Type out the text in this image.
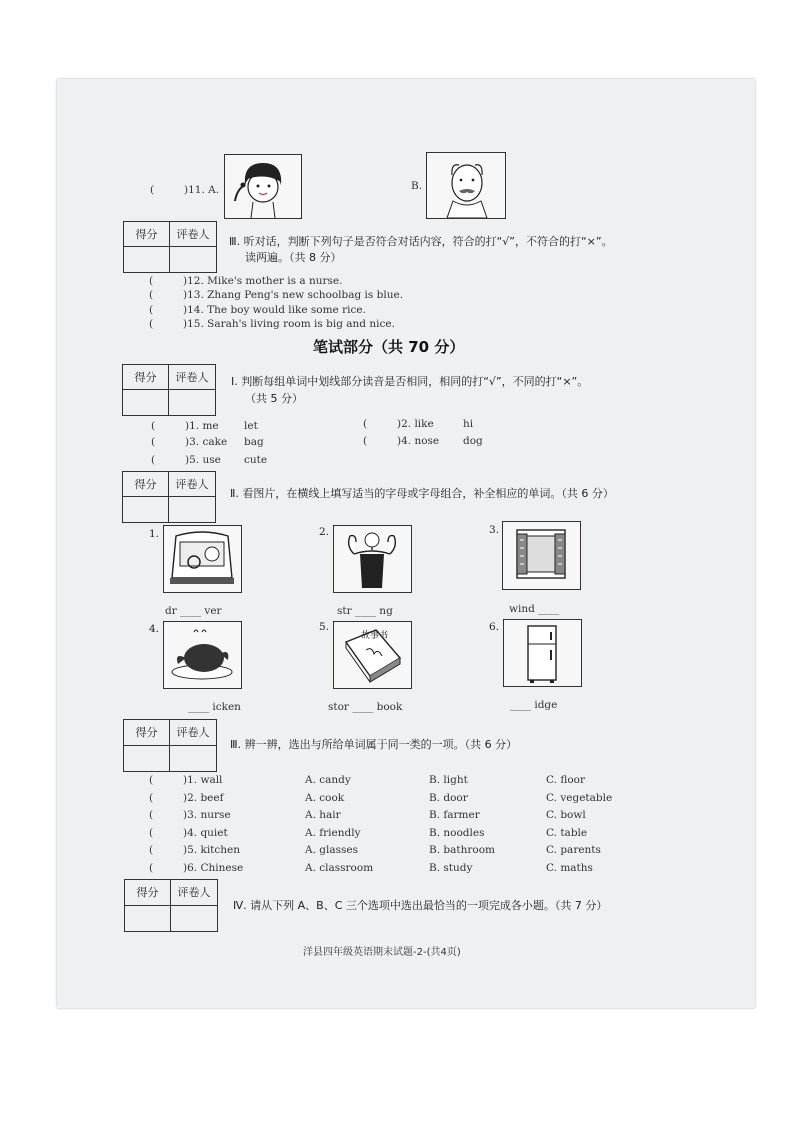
(	)11. A.	B.
得分	评卷人
Ⅲ. 听对话，判断下列句子是否符合对话内容，符合的打“√”，不符合的打“×”。
读两遍。（共 8 分）
(	)12. Mike's mother is a nurse.
(	)13. Zhang Peng's new schoolbag is blue.
(	)14. The boy would like some rice.
(	)15. Sarah's living room is big and nice.
笔试部分（共 70 分）
得分	评卷人	Ⅰ. 判断每组单词中划线部分读音是否相同，相同的打“√”，不同的打“×”。
（共 5 分）
(	)1. me let
(	)3. cake bag
(	)5. use cute
(	)2. like	hi
(	)4. nose dog
得分	评卷人
Ⅱ. 看图片，在横线上填写适当的字母或字母组合，补全相应的单词。（共 6 分）
1.
dr ____ ver
2.
str ____ ng
3.
wind ____
4.
____ icken
5.
故事书
stor ____ book
6.
____ idge
得分	评卷人
Ⅲ. 辨一辨，选出与所给单词属于同一类的一项。（共 6 分）
(	)1. wall	A. candy	B. light	C. floor
(	)2. beef	A. cook	B. door	C. vegetable
(	)3. nurse	A. hair	B. farmer	C. bowl
(	)4. quiet	A. friendly	B. noodles	C. table
(	)5. kitchen	A. glasses	B. bathroom	C. parents
(	)6. Chinese	A. classroom	B. study	C. maths
得分	评卷人
Ⅳ. 请从下列 A、B、C 三个选项中选出最恰当的一项完成各小题。（共 7 分）
洋县四年级英语期末试题-2-(共4页)
